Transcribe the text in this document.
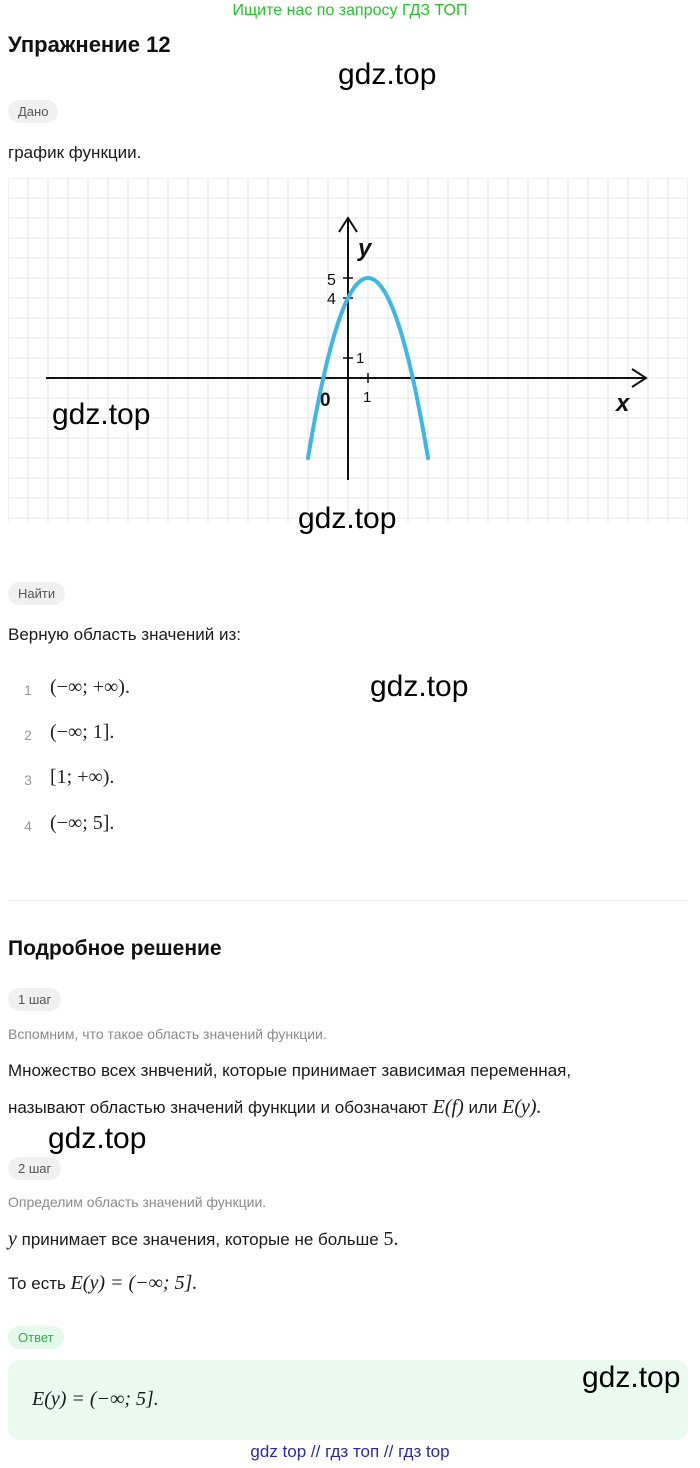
Ищите нас по запросу ГДЗ ТОП
Упражнение 12
gdz.top
Дано
график функции.
y
x
0 1
1
4
5
gdz.top
gdz.top
Найти
Верную область значений из:
gdz.top
1 (−∞; +∞).
2 (−∞; 1].
3 [1; +∞).
4 (−∞; 5].
Подробное решение
1 шаг
Вспомним, что такое область значений функции.
Множество всех знвчений, которые принимает зависимая переменная,
называют областью значений функции и обозначают E(f) или E(y).
gdz.top
2 шаг
Определим область значений функции.
y принимает все значения, которые не больше 5.
То есть E(y) = (−∞; 5].
Ответ
E(y) = (−∞; 5].
gdz.top
gdz top // гдз топ // гдз top
